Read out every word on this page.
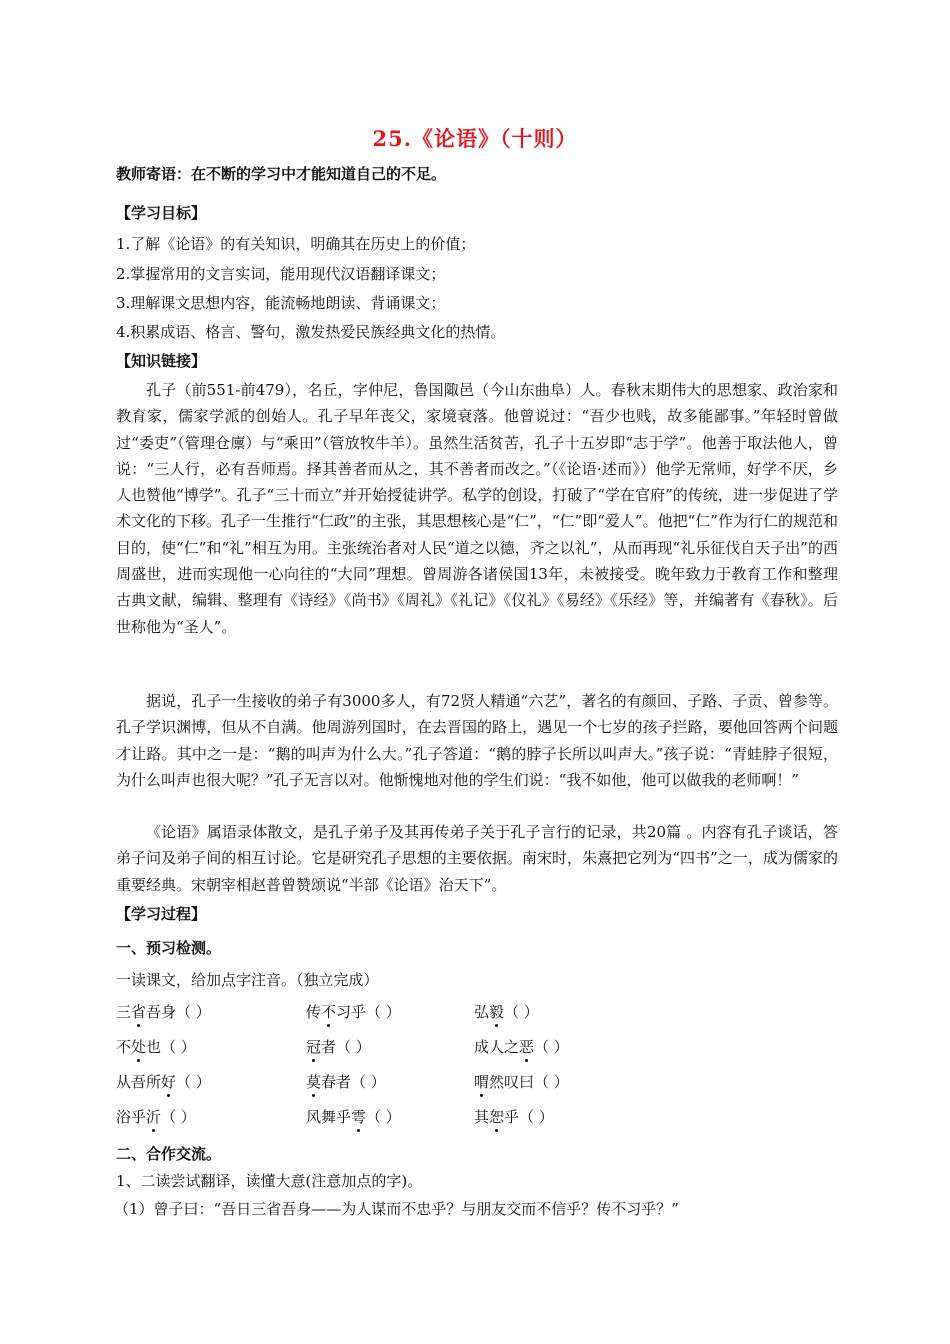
25.《论语》（十则）
教师寄语：在不断的学习中才能知道自己的不足。
【学习目标】
1.了解《论语》的有关知识，明确其在历史上的价值；
2.掌握常用的文言实词，能用现代汉语翻译课文；
3.理解课文思想内容，能流畅地朗读、背诵课文；
4.积累成语、格言、警句，激发热爱民族经典文化的热情。
【知识链接】
孔子（前551-前479），名丘，字仲尼，鲁国陬邑（今山东曲阜）人。春秋末期伟大的思想家、政治家和教育家，儒家学派的创始人。孔子早年丧父，家境衰落。他曾说过：“吾少也贱，故多能鄙事。”年轻时曾做过“委吏”（管理仓廪）与“乘田”（管放牧牛羊）。虽然生活贫苦，孔子十五岁即“志于学”。他善于取法他人，曾说：“三人行，必有吾师焉。择其善者而从之，其不善者而改之。”（《论语·述而》）他学无常师，好学不厌，乡人也赞他“博学”。孔子“三十而立”并开始授徒讲学。私学的创设，打破了“学在官府”的传统，进一步促进了学术文化的下移。孔子一生推行“仁政”的主张，其思想核心是“仁”，“仁”即“爱人”。他把“仁”作为行仁的规范和目的，使“仁”和“礼”相互为用。主张统治者对人民“道之以德，齐之以礼”，从而再现“礼乐征伐自天子出”的西周盛世，进而实现他一心向往的“大同”理想。曾周游各诸侯国13年，未被接受。晚年致力于教育工作和整理古典文献，编辑、整理有《诗经》《尚书》《周礼》《礼记》《仪礼》《易经》《乐经》等，并编著有《春秋》。后世称他为“圣人”。
据说，孔子一生接收的弟子有3000多人，有72贤人精通“六艺”，著名的有颜回、子路、子贡、曾参等。孔子学识渊博，但从不自满。他周游列国时，在去晋国的路上，遇见一个七岁的孩子拦路，要他回答两个问题才让路。其中之一是：“鹅的叫声为什么大。”孔子答道：“鹅的脖子长所以叫声大。”孩子说：“青蛙脖子很短，为什么叫声也很大呢？”孔子无言以对。他惭愧地对他的学生们说：“我不如他，他可以做我的老师啊！”
《论语》属语录体散文，是孔子弟子及其再传弟子关于孔子言行的记录，共20篇 。内容有孔子谈话，答弟子问及弟子间的相互讨论。它是研究孔子思想的主要依据。南宋时，朱熹把它列为“四书”之一，成为儒家的重要经典。宋朝宰相赵普曾赞颂说“半部《论语》治天下”。
【学习过程】
一、预习检测。
一读课文，给加点字注音。（独立完成）
三省吾身（ ）	传不习乎（ ）	弘毅（ ）
不处也（ ）	冠者（ ）	成人之恶（ ）
从吾所好（ ）	莫春者（ ）	喟然叹曰（ ）
浴乎沂（ ）	风舞乎雩（ ）	其恕乎（ ）
二、合作交流。
1、二读尝试翻译，读懂大意(注意加点的字)。
（1）曾子曰：“吾日三省吾身——为人谋而不忠乎？与朋友交而不信乎？传不习乎？”
